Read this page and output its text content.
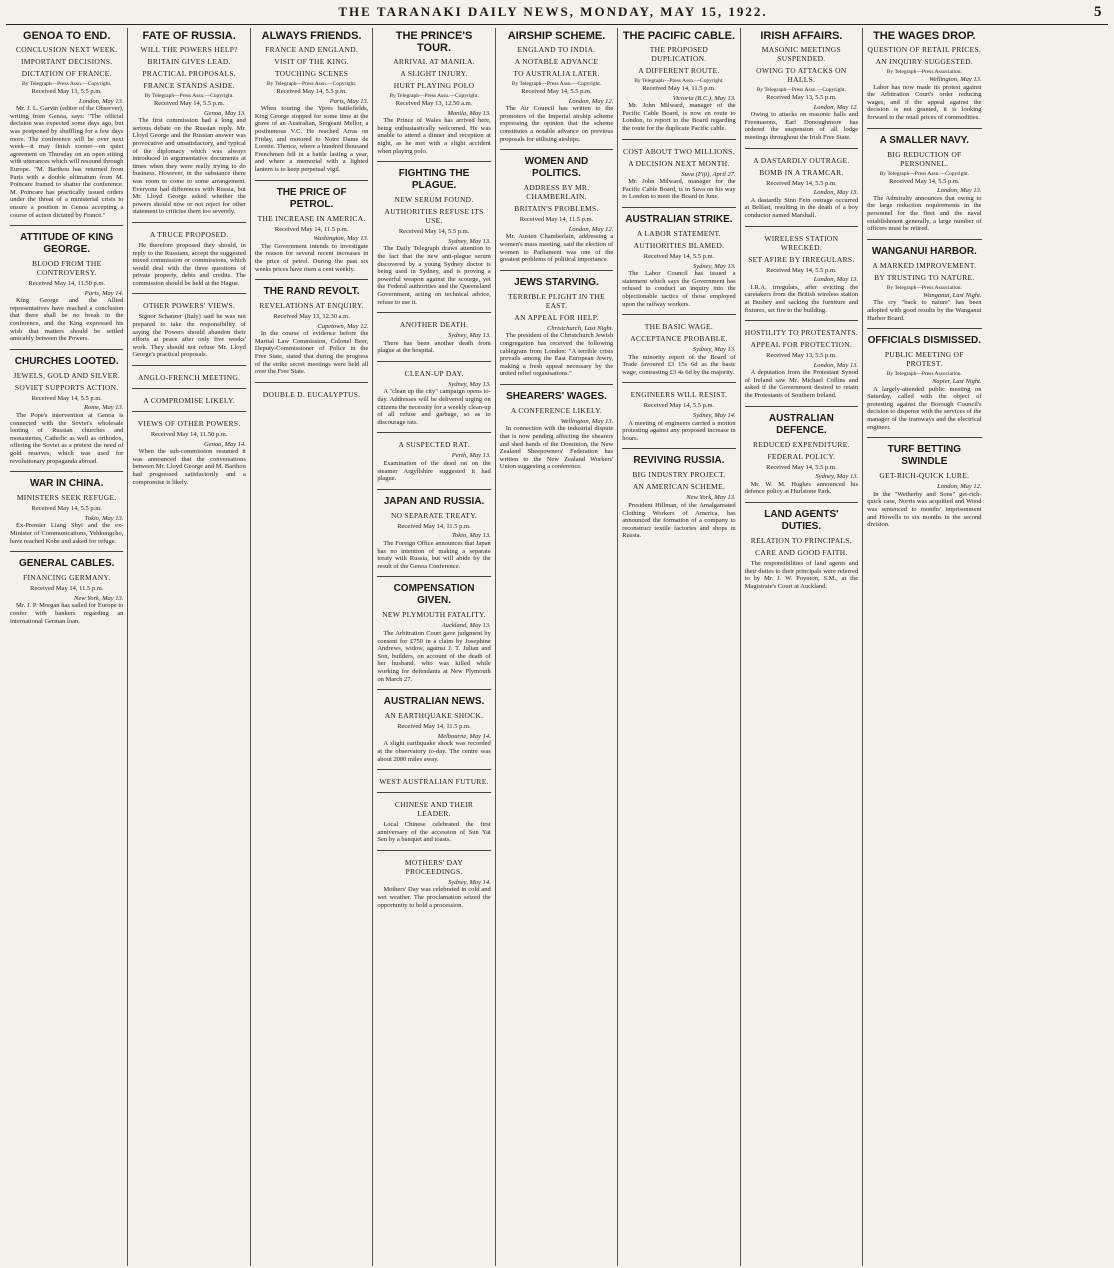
THE TARANAKI DAILY NEWS, MONDAY, MAY 15, 1922.	5
GENOA TO END.
CONCLUSION NEXT WEEK.
IMPORTANT DECISIONS.
DICTATION OF FRANCE.
By Telegraph—Press Assn.—Copyright.
Received May 13, 5.5 p.m.
London, May 13.

Mr. J. L. Garvin (editor of the Observer), writing from Genoa, says: "The official decision was expected some days ago, but was postponed by shuffling for a few days more. The conference will be over next week—it may finish sooner—on quiet agreement on Thursday on an open sitting with utterances which will resound through Europe. "M. Barthou has returned from Paris with a double ultimatum from M. Poincare framed to shatter the conference. M. Poincare has practically issued orders under the threat of a ministerial crisis to ensure a position in Genoa accepting a course of action dictated by France."

ATTITUDE OF KING GEORGE.
BLOOD FROM THE CONTROVERSY.
Received May 14, 11.50 p.m.
Paris, May 14.

King George and the Allied representatives have reached a conclusion that there shall be no break in the conference, and the King expressed his wish that matters should be settled amicably between the Powers.

CHURCHES LOOTED.
JEWELS, GOLD AND SILVER.
SOVIET SUPPORTS ACTION.
Received May 14, 5.5 p.m.
Rome, May 13.

The Pope's intervention at Genoa is connected with the Soviet's wholesale looting of Russian churches and monasteries, Catholic as well as orthodox, offering the Soviet as a pretext the need of gold reserves, which was used for revolutionary propaganda abroad.

WAR IN CHINA.
MINISTERS SEEK REFUGE.
Received May 14, 5.5 p.m.
Tokio, May 13.

Ex-Premier Liang Shyi and the ex-Minister of Communications, Yehkungcho, have reached Kobe and asked for refuge.

GENERAL CABLES.
FINANCING GERMANY.
Received May 14, 11.5 p.m.
New York, May 13.

Mr. J. P. Morgan has sailed for Europe to confer with bankers regarding an international German loan.

FATE OF RUSSIA.
WILL THE POWERS HELP?
BRITAIN GIVES LEAD.
PRACTICAL PROPOSALS.
FRANCE STANDS ASIDE.
By Telegraph—Press Assn.—Copyright.
Received May 14, 5.5 p.m.
Genoa, May 13.

The first commission had a long and serious debate on the Russian reply. Mr. Lloyd George and the Russian answer was provocative and unsatisfactory, and typical of the diplomacy which was always introduced in argumentative documents at times when they were really trying to do business. However, in the substance there was room to come to some arrangement. Everyone had differences with Russia, but Mr. Lloyd George asked whether the powers should now or not reject for other statement to criticise them too severely.

A TRUCE PROPOSED.

He therefore proposed they should, in reply to the Russians, accept the suggested mixed commission or commissions, which would deal with the three questions of private property, debts and credits. The commission should be held at the Hague.

OTHER POWERS' VIEWS.

Signor Schanzer (Italy) said he was not prepared to take the responsibility of saying the Powers should abandon their efforts at peace after only five weeks' work. They should not refuse Mr. Lloyd George's practical proposals.

ANGLO-FRENCH MEETING.
A COMPROMISE LIKELY.
VIEWS OF OTHER POWERS.
Received May 14, 11.50 p.m.
Genoa, May 14.

When the sub-commission resumed it was announced that the conversations between Mr. Lloyd George and M. Barthou had progressed satisfactorily and a compromise is likely.

ALWAYS FRIENDS.
FRANCE AND ENGLAND.
VISIT OF THE KING.
TOUCHING SCENES
By Telegraph—Press Assn.—Copyright.
Received May 14, 5.5 p.m.
Paris, May 13.

When touring the Ypres battlefields, King George stopped for some time at the grave of an Australian, Sergeant Mellor, a posthumous V.C. He reached Arras on Friday, and motored to Notre Dame de Lorette. Thence, where a hundred thousand Frenchmen fell in a battle lasting a year, and where a memorial with a lighted lantern is to keep perpetual vigil.

THE PRICE OF PETROL.
THE INCREASE IN AMERICA.
Received May 14, 11.5 p.m.
Washington, May 13.

The Government intends to investigate the reason for several recent increases in the price of petrol. During the past six weeks prices have risen a cent weekly.

THE RAND REVOLT.
REVELATIONS AT ENQUIRY.
Received May 13, 12.30 a.m.
Capetown, May 12.

In the course of evidence before the Martial Law Commission, Colonel Beer, Deputy-Commissioner of Police in the Free State, stated that during the progress of the strike secret meetings were held all over the Free State.

DOUBLE D. EUCALYPTUS.
THE PRINCE'S TOUR.
ARRIVAL AT MANILA.
A SLIGHT INJURY.
HURT PLAYING POLO
By Telegraph—Press Assn.—Copyright.
Received May 13, 12.50 a.m.
Manila, May 13.

The Prince of Wales has arrived here, being enthusiastically welcomed. He was unable to attend a dinner and reception at night, as he met with a slight accident when playing polo.

FIGHTING THE PLAGUE.
NEW SERUM FOUND.
AUTHORITIES REFUSE ITS USE.
Received May 14, 5.5 p.m.
Sydney, May 13.

The Daily Telegraph draws attention to the fact that the new anti-plague serum discovered by a young Sydney doctor is being used in Sydney, and is proving a powerful weapon against the scourge, yet the Federal authorities and the Queensland Government, acting on technical advice, refuse to use it.

ANOTHER DEATH.
Sydney, May 13.

There has been another death from plague at the hospital.

CLEAN-UP DAY.
Sydney, May 13.

A "clean up the city" campaign opens to-day. Addresses will be delivered urging on citizens the necessity for a weekly clean-up of all refuse and garbage, so as to discourage rats.

A SUSPECTED RAT.
Perth, May 13.

Examination of the dead rat on the steamer Argyllshire suggested it had plague.

JAPAN AND RUSSIA.
NO SEPARATE TREATY.
Received May 14, 11.5 p.m.
Tokio, May 13.

The Foreign Office announces that Japan has no intention of making a separate treaty with Russia, but will abide by the result of the Genoa Conference.

COMPENSATION GIVEN.
NEW PLYMOUTH FATALITY.
Auckland, May 13.

The Arbitration Court gave judgment by consent for £750 in a claim by Josephine Andrews, widow, against J. T. Julian and Son, builders, on account of the death of her husband, who was killed while working for defendants at New Plymouth on March 27.

AUSTRALIAN NEWS.
AN EARTHQUAKE SHOCK.
Received May 14, 11.5 p.m.
Melbourne, May 14.

A slight earthquake shock was recorded at the observatory to-day. The centre was about 2000 miles away.

WEST AUSTRALIAN FUTURE.
CHINESE AND THEIR LEADER.

Local Chinese celebrated the first anniversary of the accession of Sun Yat Sen by a banquet and toasts.

MOTHERS' DAY PROCEEDINGS.
Sydney, May 14.

Mothers' Day was celebrated in cold and wet weather. The proclamation seized the opportunity to hold a procession.

AIRSHIP SCHEME.
ENGLAND TO INDIA.
A NOTABLE ADVANCE
TO AUSTRALIA LATER.
By Telegraph—Press Assn.—Copyright.
Received May 14, 5.5 p.m.
London, May 12.

The Air Council has written to the promoters of the Imperial airship scheme expressing the opinion that the scheme constitutes a notable advance on previous proposals for utilising airships.

WOMEN AND POLITICS.
ADDRESS BY MR. CHAMBERLAIN.
BRITAIN'S PROBLEMS.
Received May 14, 11.5 p.m.
London, May 12.

Mr. Austen Chamberlain, addressing a women's mass meeting, said the election of women to Parliament was one of the greatest problems of political importance.

JEWS STARVING.
TERRIBLE PLIGHT IN THE EAST.
AN APPEAL FOR HELP.
Christchurch, Last Night.

The president of the Christchurch Jewish congregation has received the following cablegram from London: "A terrible crisis prevails among the East European Jewry, making a fresh appeal necessary by the united relief organisations."

SHEARERS' WAGES.
A CONFERENCE LIKELY.
Wellington, May 13.

In connection with the industrial dispute that is now pending affecting the shearers and shed hands of the Dominion, the New Zealand Sheepowners' Federation has written to the New Zealand Workers' Union suggesting a conference.

THE PACIFIC CABLE.
THE PROPOSED DUPLICATION.
A DIFFERENT ROUTE.
By Telegraph—Press Assn.—Copyright.
Received May 14, 11.5 p.m.
Victoria (B.C.), May 13.

Mr. John Milward, manager of the Pacific Cable Board, is now en route to London, to report to the Board regarding the route for the duplicate Pacific cable.

COST ABOUT TWO MILLIONS.
A DECISION NEXT MONTH.
Suva (Fiji), April 27.

Mr. John Milward, manager for the Pacific Cable Board, is in Suva on his way to London to meet the Board in June.

AUSTRALIAN STRIKE.
A LABOR STATEMENT.
AUTHORITIES BLAMED.
Received May 14, 5.5 p.m.
Sydney, May 13.

The Labor Council has issued a statement which says the Government has refused to conduct an inquiry into the objectionable tactics of those employed upon the railway workers.

THE BASIC WAGE.
ACCEPTANCE PROBABLE.
Sydney, May 13.

The minority report of the Board of Trade favoured £3 15s 6d as the basic wage, contrasting £3 4s 6d by the majority.

ENGINEERS WILL RESIST.
Received May 14, 5.5 p.m.
Sydney, May 14.

A meeting of engineers carried a motion protesting against any proposed increase in hours.

REVIVING RUSSIA.
BIG INDUSTRY PROJECT.
AN AMERICAN SCHEME.
New York, May 13.

President Hillman, of the Amalgamated Clothing Workers of America, has announced the formation of a company to reconstruct textile factories and shops in Russia.

IRISH AFFAIRS.
MASONIC MEETINGS SUSPENDED.
OWING TO ATTACKS ON HALLS.
By Telegraph—Press Assn.—Copyright.
Received May 13, 5.5 p.m.
London, May 12.

Owing to attacks on masonic halls and Freemasons, Earl Donoughmore has ordered the suspension of all lodge meetings throughout the Irish Free State.

A DASTARDLY OUTRAGE.
BOMB IN A TRAMCAR.
Received May 14, 5.5 p.m.
London, May 13.

A dastardly Sinn Fein outrage occurred at Belfast, resulting in the death of a boy conductor named Marshall.

WIRELESS STATION WRECKED.
SET AFIRE BY IRREGULARS.
Received May 14, 5.5 p.m.
London, May 13.

I.R.A. irregulars, after evicting the caretakers from the British wireless station at Bushey and sacking the furniture and fixtures, set fire to the building.

HOSTILITY TO PROTESTANTS.
APPEAL FOR PROTECTION.
Received May 13, 5.5 p.m.
London, May 13.

A deputation from the Protestant Synod of Ireland saw Mr. Michael Collins and asked if the Government desired to retain the Protestants of Southern Ireland.

AUSTRALIAN DEFENCE.
REDUCED EXPENDITURE.
FEDERAL POLICY.
Received May 14, 5.5 p.m.
Sydney, May 13.

Mr. W. M. Hughes announced his defence policy at Hurlstone Park.

LAND AGENTS' DUTIES.
RELATION TO PRINCIPALS.
CARE AND GOOD FAITH.

The responsibilities of land agents and their duties to their principals were referred to by Mr. J. W. Poynton, S.M., at the Magistrate's Court at Auckland.

THE WAGES DROP.
QUESTION OF RETAIL PRICES.
AN INQUIRY SUGGESTED.
By Telegraph—Press Association.
Wellington, May 13.

Labor has now made its protest against the Arbitration Court's order reducing wages, and if the appeal against the decision is not granted, it is looking forward to the retail prices of commodities.

A SMALLER NAVY.
BIG REDUCTION OF PERSONNEL.
By Telegraph—Press Assn.—Copyright.
Received May 14, 5.5 p.m.
London, May 13.

The Admiralty announces that owing to the large reduction requirements in the personnel for the fleet and the naval establishment generally, a large number of officers must be retired.

WANGANUI HARBOR.
A MARKED IMPROVEMENT.
BY TRUSTING TO NATURE.
By Telegraph—Press Association.
Wanganui, Last Night.

The cry "back to nature" has been adopted with good results by the Wanganui Harbor Board.

OFFICIALS DISMISSED.
PUBLIC MEETING OF PROTEST.
By Telegraph—Press Association.
Napier, Last Night.

A largely-attended public meeting on Saturday, called with the object of protesting against the Borough Council's decision to dispense with the services of the manager of the tramways and the electrical engineer.

TURF BETTING SWINDLE
GET-RICH-QUICK LURE.
London, May 12.

In the "Wetherby and Sons" get-rich-quick case, Norris was acquitted and Wood was sentenced to months' imprisonment and Howells to six months in the second division.
